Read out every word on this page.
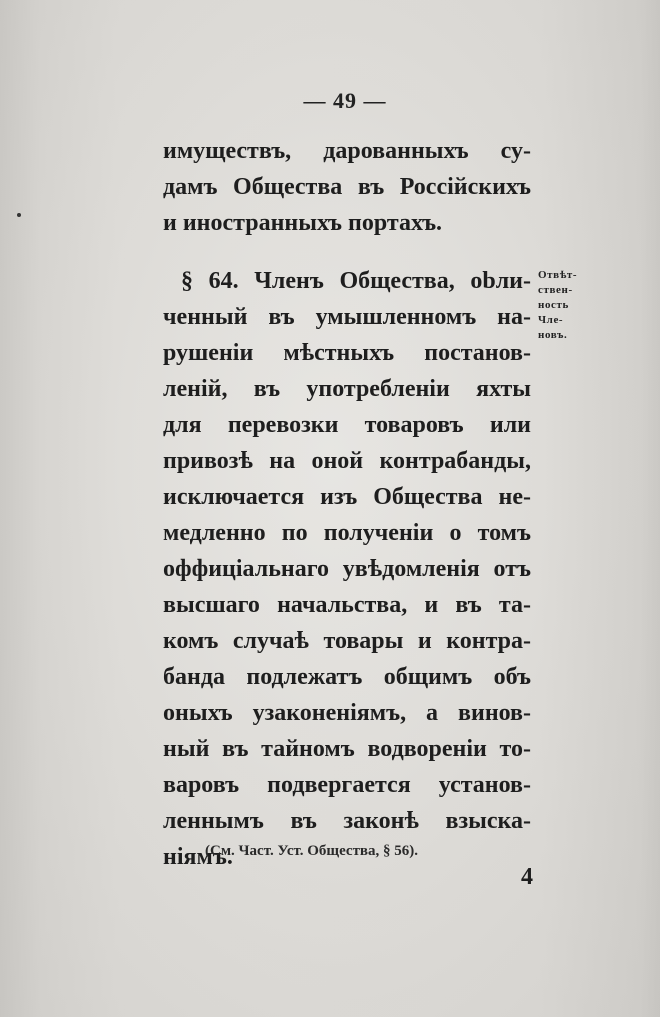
— 49 —
имуществъ, дарованныхъ су-
дамъ Общества въ Россійскихъ
и иностранныхъ портахъ.
§ 64. Членъ Общества, obли-
ченный въ умышленномъ на-
рушеніи мѣстныхъ постанов-
леній, въ употребленіи яхты
для перевозки товаровъ или
привозѣ на оной контрабанды,
исключается изъ Общества не-
медленно по полученіи о томъ
оффиціальнаго увѣдомленія отъ
высшаго начальства, и въ та-
комъ случаѣ товары и контра-
банда подлежатъ общимъ объ
оныхъ узаконеніямъ, а винов-
ный въ тайномъ водвореніи то-
варовъ подвергается установ-
леннымъ въ законѣ взыска-
ніямъ.
Отвѣт-
ствен-
ность
Чле-
новъ.
(См. Част. Уст. Общества, § 56).
4
